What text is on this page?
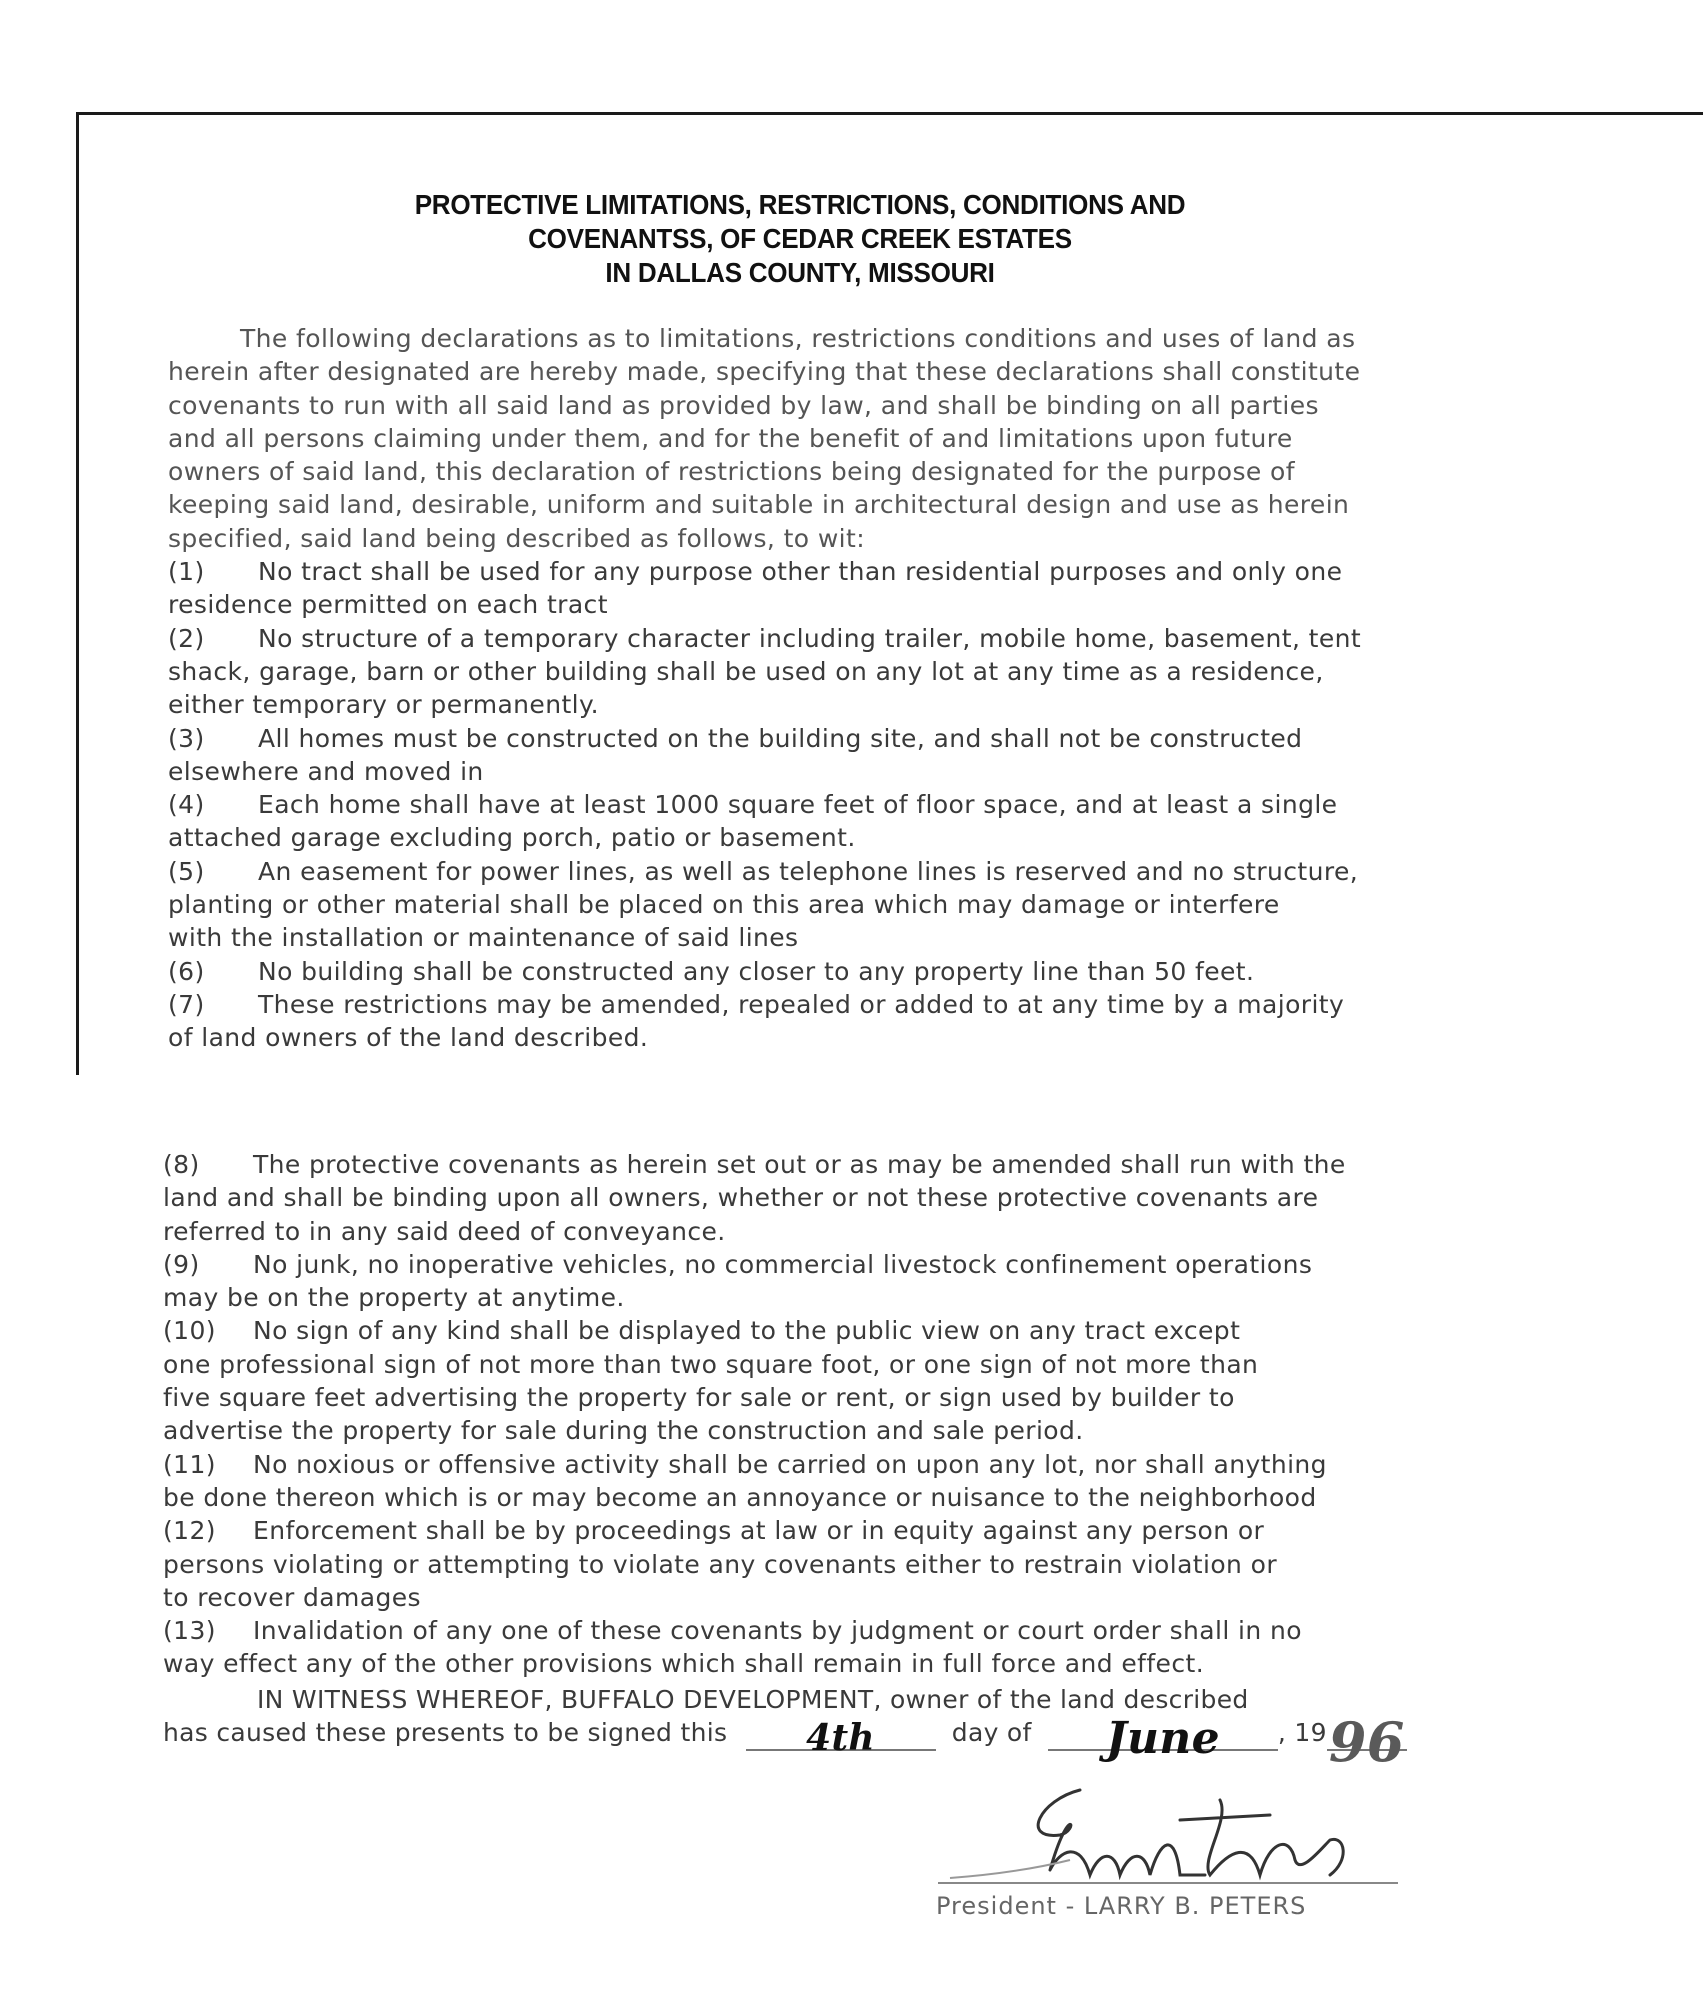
PROTECTIVE LIMITATIONS, RESTRICTIONS, CONDITIONS AND
COVENANTSS, OF CEDAR CREEK ESTATES
IN DALLAS COUNTY, MISSOURI
The following declarations as to limitations, restrictions conditions and uses of land as
herein after designated are hereby made, specifying that these declarations shall constitute
covenants to run with all said land as provided by law, and shall be binding on all parties
and all persons claiming under them, and for the benefit of and limitations upon future
owners of said land, this declaration of restrictions being designated for the purpose of
keeping said land, desirable, uniform and suitable in architectural design and use as herein
specified, said land being described as follows, to wit:
(1) No tract shall be used for any purpose other than residential purposes and only one
residence permitted on each tract
(2) No structure of a temporary character including trailer, mobile home, basement, tent
shack, garage, barn or other building shall be used on any lot at any time as a residence,
either temporary or permanently.
(3) All homes must be constructed on the building site, and shall not be constructed
elsewhere and moved in
(4) Each home shall have at least 1000 square feet of floor space, and at least a single
attached garage excluding porch, patio or basement.
(5) An easement for power lines, as well as telephone lines is reserved and no structure,
planting or other material shall be placed on this area which may damage or interfere
with the installation or maintenance of said lines
(6) No building shall be constructed any closer to any property line than 50 feet.
(7) These restrictions may be amended, repealed or added to at any time by a majority
of land owners of the land described.
(8) The protective covenants as herein set out or as may be amended shall run with the
land and shall be binding upon all owners, whether or not these protective covenants are
referred to in any said deed of conveyance.
(9) No junk, no inoperative vehicles, no commercial livestock confinement operations
may be on the property at anytime.
(10) No sign of any kind shall be displayed to the public view on any tract except
one professional sign of not more than two square foot, or one sign of not more than
five square feet advertising the property for sale or rent, or sign used by builder to
advertise the property for sale during the construction and sale period.
(11) No noxious or offensive activity shall be carried on upon any lot, nor shall anything
be done thereon which is or may become an annoyance or nuisance to the neighborhood
(12) Enforcement shall be by proceedings at law or in equity against any person or
persons violating or attempting to violate any covenants either to restrain violation or
to recover damages
(13) Invalidation of any one of these covenants by judgment or court order shall in no
way effect any of the other provisions which shall remain in full force and effect.
IN WITNESS WHEREOF, BUFFALO DEVELOPMENT, owner of the land described
has caused these presents to be signed this	4th	day of	June	, 19 96

President - LARRY B. PETERS
